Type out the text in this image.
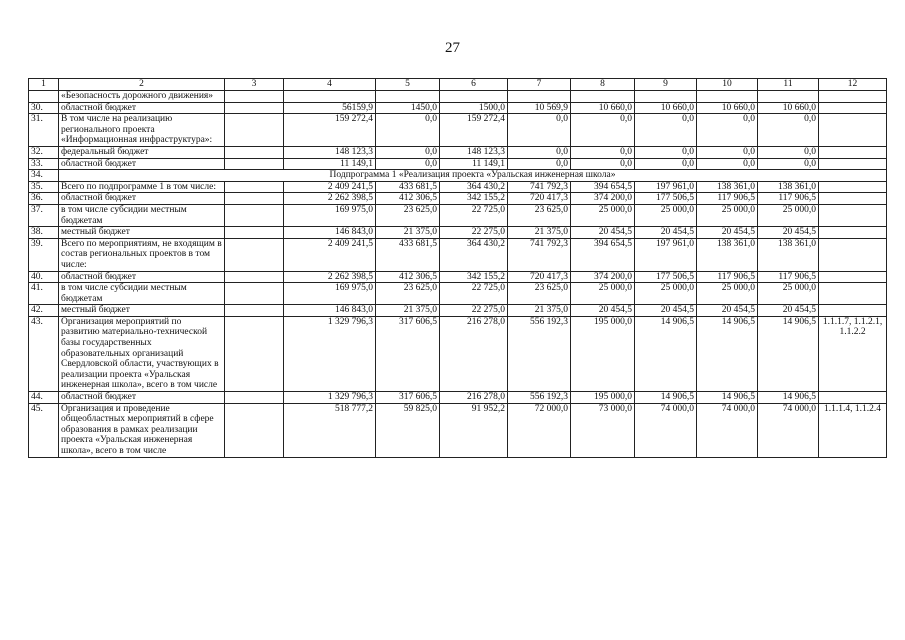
27
1	2	3	4	5	6	7	8	9	10	11	12
	«Безопасность дорожного движения»										
30.	областной бюджет		56159,9	1450,0	1500,0	10 569,9	10 660,0	10 660,0	10 660,0	10 660,0	
31.	В том числе на реализацию регионального проекта «Информационная инфраструктура»:		159 272,4	0,0	159 272,4	0,0	0,0	0,0	0,0	0,0	
32.	федеральный бюджет		148 123,3	0,0	148 123,3	0,0	0,0	0,0	0,0	0,0	
33.	областной бюджет		11 149,1	0,0	11 149,1	0,0	0,0	0,0	0,0	0,0	
34.	Подпрограмма 1 «Реализация проекта «Уральская инженерная школа»										
35.	Всего по подпрограмме 1 в том числе:		2 409 241,5	433 681,5	364 430,2	741 792,3	394 654,5	197 961,0	138 361,0	138 361,0	
36.	областной бюджет		2 262 398,5	412 306,5	342 155,2	720 417,3	374 200,0	177 506,5	117 906,5	117 906,5	
37.	в том числе субсидии местным бюджетам		169 975,0	23 625,0	22 725,0	23 625,0	25 000,0	25 000,0	25 000,0	25 000,0	
38.	местный бюджет		146 843,0	21 375,0	22 275,0	21 375,0	20 454,5	20 454,5	20 454,5	20 454,5	
39.	Всего по мероприятиям, не входящим в состав региональных проектов в том числе:		2 409 241,5	433 681,5	364 430,2	741 792,3	394 654,5	197 961,0	138 361,0	138 361,0	
40.	областной бюджет		2 262 398,5	412 306,5	342 155,2	720 417,3	374 200,0	177 506,5	117 906,5	117 906,5	
41.	в том числе субсидии местным бюджетам		169 975,0	23 625,0	22 725,0	23 625,0	25 000,0	25 000,0	25 000,0	25 000,0	
42.	местный бюджет		146 843,0	21 375,0	22 275,0	21 375,0	20 454,5	20 454,5	20 454,5	20 454,5	
43.	Организация мероприятий по развитию материально-технической базы государственных образовательных организаций Свердловской области, участвующих в реализации проекта «Уральская инженерная школа», всего в том числе		1 329 796,3	317 606,5	216 278,0	556 192,3	195 000,0	14 906,5	14 906,5	14 906,5	1.1.1.7, 1.1.2.1, 1.1.2.2
44.	областной бюджет		1 329 796,3	317 606,5	216 278,0	556 192,3	195 000,0	14 906,5	14 906,5	14 906,5	
45.	Организация и проведение общеобластных мероприятий в сфере образования в рамках реализации проекта «Уральская инженерная школа», всего в том числе		518 777,2	59 825,0	91 952,2	72 000,0	73 000,0	74 000,0	74 000,0	74 000,0	1.1.1.4, 1.1.2.4
